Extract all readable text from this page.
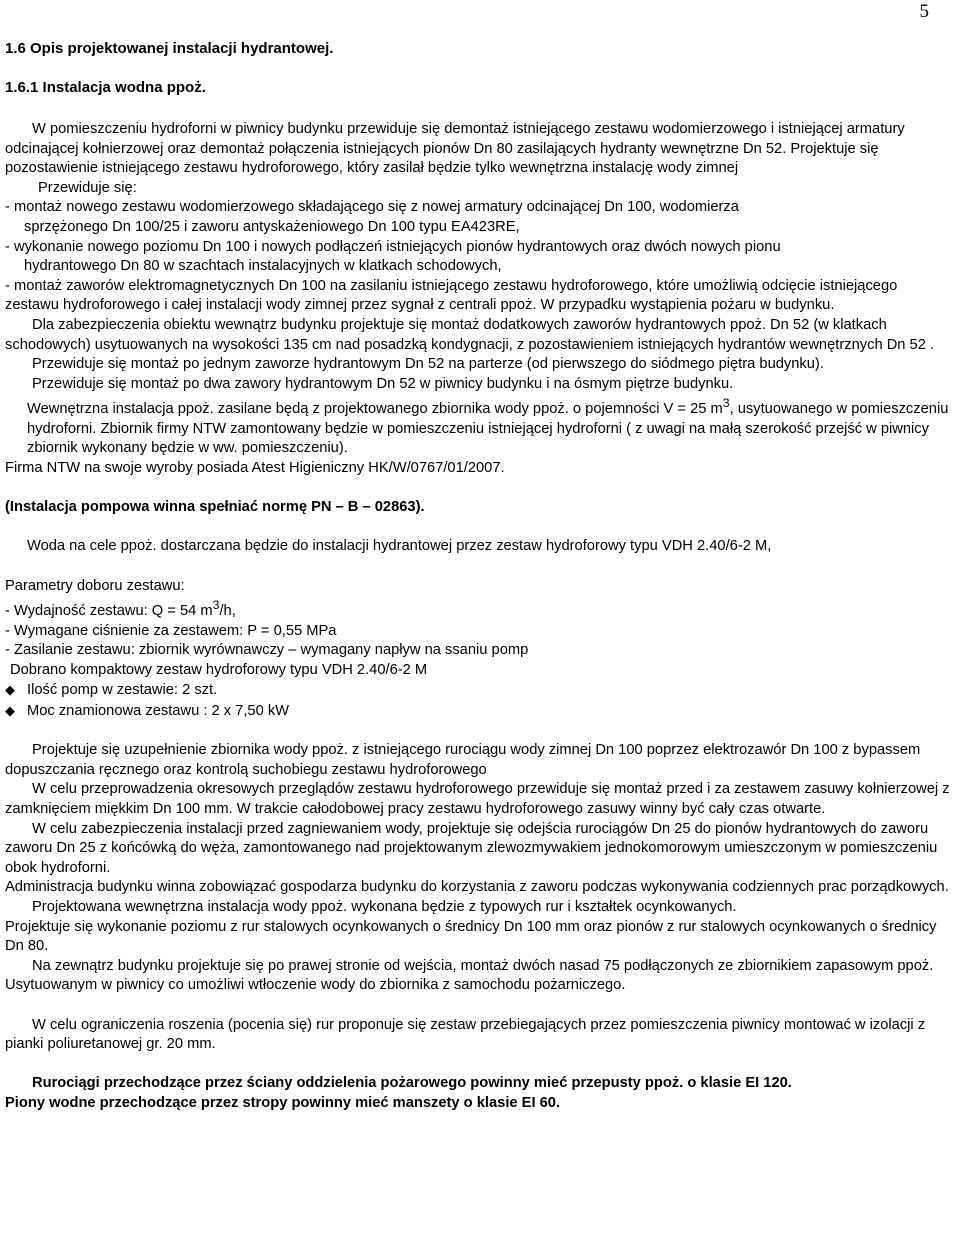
5
1.6 Opis projektowanej instalacji hydrantowej.
1.6.1 Instalacja wodna ppoż.

W pomieszczeniu hydroforni w piwnicy budynku przewiduje się demontaż istniejącego zestawu wodomierzowego i istniejącej armatury odcinającej kołnierzowej oraz demontaż połączenia istniejących pionów Dn 80 zasilających hydranty wewnętrzne Dn 52. Projektuje się pozostawienie istniejącego zestawu hydroforowego, który zasilał będzie tylko wewnętrzna instalację wody zimnej

Przewiduje się:

- montaż nowego zestawu wodomierzowego składającego się z nowej armatury odcinającej Dn 100, wodomierza

sprzężonego Dn 100/25 i zaworu antyskażeniowego Dn 100 typu EA423RE,

- wykonanie nowego poziomu Dn 100 i nowych podłączeń istniejących pionów hydrantowych oraz dwóch nowych pionu

hydrantowego Dn 80 w szachtach instalacyjnych w klatkach schodowych,

- montaż zaworów elektromagnetycznych Dn 100 na zasilaniu istniejącego zestawu hydroforowego, które umożliwią odcięcie istniejącego zestawu hydroforowego i całej instalacji wody zimnej przez sygnał z centrali ppoż. W przypadku wystąpienia pożaru w budynku.

Dla zabezpieczenia obiektu wewnątrz budynku projektuje się montaż dodatkowych zaworów hydrantowych ppoż. Dn 52 (w klatkach schodowych) usytuowanych na wysokości 135 cm nad posadzką kondygnacji, z pozostawieniem istniejących hydrantów wewnętrznych Dn 52 .

Przewiduje się montaż po jednym zaworze hydrantowym Dn 52 na parterze (od pierwszego do siódmego piętra budynku).

Przewiduje się montaż po dwa zawory hydrantowym Dn 52 w piwnicy budynku i na ósmym piętrze budynku.

Wewnętrzna instalacja ppoż. zasilane będą z projektowanego zbiornika wody ppoż. o pojemności V = 25 $m^3$, usytuowanego w pomieszczeniu hydroforni. Zbiornik firmy NTW zamontowany będzie w pomieszczeniu istniejącej hydroforni ( z uwagi na małą szerokość przejść w piwnicy zbiornik wykonany będzie w ww. pomieszczeniu).

Firma NTW na swoje wyroby posiada Atest Higieniczny HK/W/0767/01/2007.

(Instalacja pompowa winna spełniać normę PN – B – 02863).

Woda na cele ppoż. dostarczana będzie do instalacji hydrantowej przez zestaw hydroforowy typu VDH 2.40/6-2 M,

Parametry doboru zestawu:

- Wydajność zestawu: Q = 54 $m^3/h$,

- Wymagane ciśnienie za zestawem: P = 0,55 MPa

- Zasilanie zestawu: zbiornik wyrównawczy – wymagany napływ na ssaniu pomp

Dobrano kompaktowy zestaw hydroforowy typu VDH 2.40/6-2 M

◆ Ilość pomp w zestawie: 2 szt.
◆ Moc znamionowa zestawu : 2 x 7,50 kW

Projektuje się uzupełnienie zbiornika wody ppoż. z istniejącego rurociągu wody zimnej Dn 100 poprzez elektrozawór Dn 100 z bypassem dopuszczania ręcznego oraz kontrolą suchobiegu zestawu hydroforowego

W celu przeprowadzenia okresowych przeglądów zestawu hydroforowego przewiduje się montaż przed i za zestawem zasuwy kołnierzowej z zamknięciem miękkim Dn 100 mm. W trakcie całodobowej pracy zestawu hydroforowego zasuwy winny być cały czas otwarte.

W celu zabezpieczenia instalacji przed zagniewaniem wody, projektuje się odejścia rurociągów Dn 25 do pionów hydrantowych do zaworu zaworu Dn 25 z końcówką do węża, zamontowanego nad projektowanym zlewozmywakiem jednokomorowym umieszczonym w pomieszczeniu obok hydroforni.

Administracja budynku winna zobowiązać gospodarza budynku do korzystania z zaworu podczas wykonywania codziennych prac porządkowych.

Projektowana wewnętrzna instalacja wody ppoż. wykonana będzie z typowych rur i kształtek ocynkowanych.

Projektuje się wykonanie poziomu z rur stalowych ocynkowanych o średnicy Dn 100 mm oraz pionów z rur stalowych ocynkowanych o średnicy Dn 80.

Na zewnątrz budynku projektuje się po prawej stronie od wejścia, montaż dwóch nasad 75 podłączonych ze zbiornikiem zapasowym ppoż. Usytuowanym w piwnicy co umożliwi wtłoczenie wody do zbiornika z samochodu pożarniczego.

W celu ograniczenia roszenia (pocenia się) rur proponuje się zestaw przebiegających przez pomieszczenia piwnicy montować w izolacji z pianki poliuretanowej gr. 20 mm.

Rurociągi przechodzące przez ściany oddzielenia pożarowego powinny mieć przepusty ppoż. o klasie EI 120.

Piony wodne przechodzące przez stropy powinny mieć manszety o klasie EI 60.
